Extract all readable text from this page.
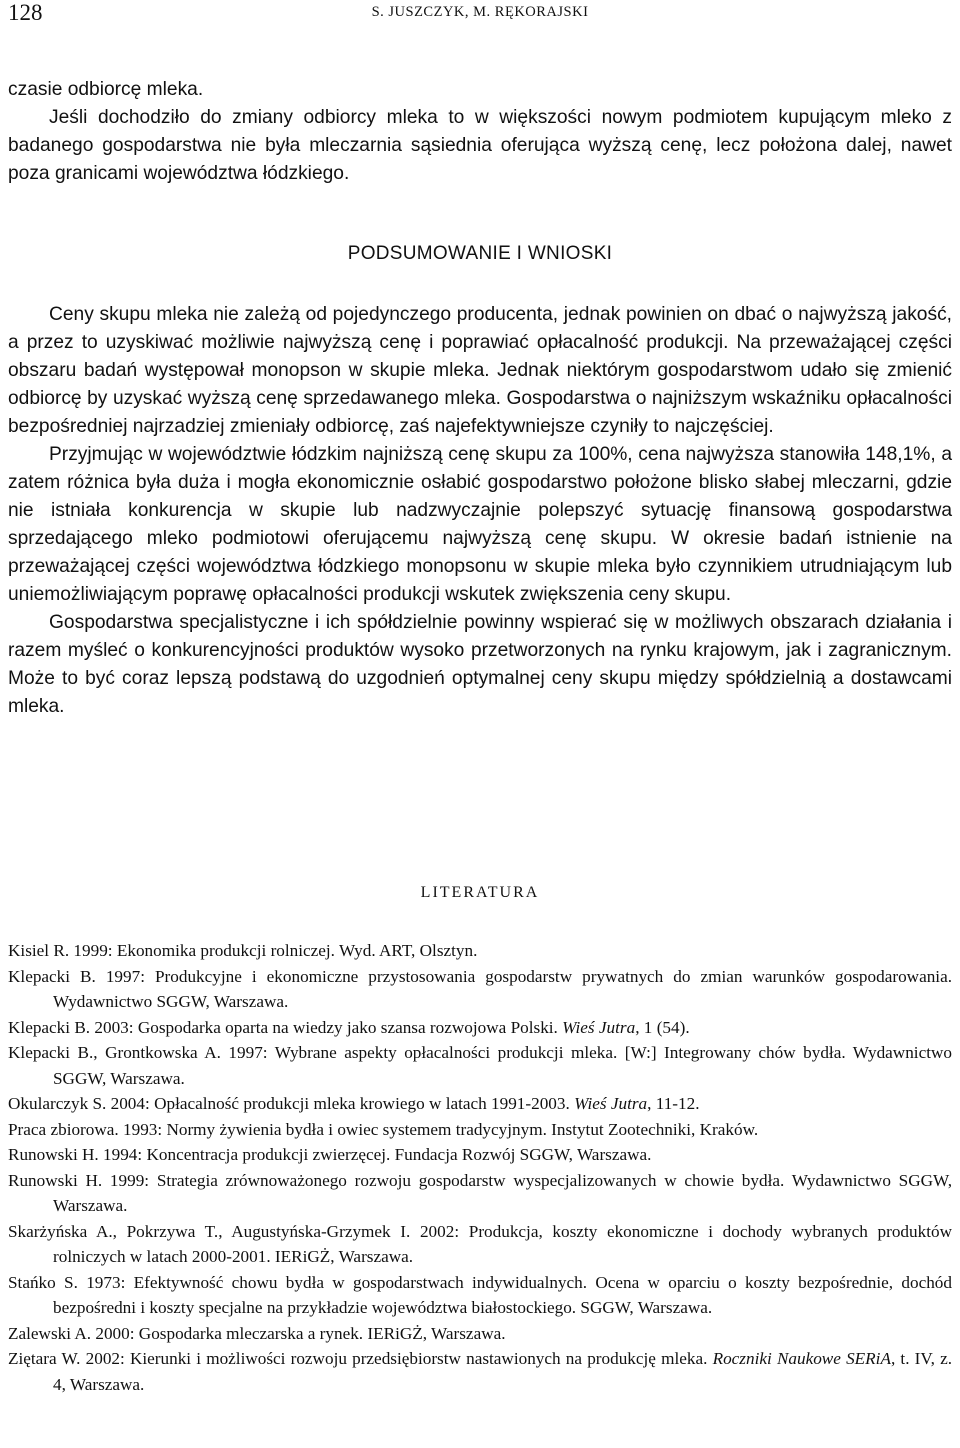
128	S. JUSZCZYK, M. RĘKORAJSKI

czasie odbiorcę mleka.

Jeśli dochodziło do zmiany odbiorcy mleka to w większości nowym podmiotem kupującym mleko z badanego gospodarstwa nie była mleczarnia sąsiednia oferująca wyższą cenę, lecz położona dalej, nawet poza granicami województwa łódzkiego.

PODSUMOWANIE I WNIOSKI

Ceny skupu mleka nie zależą od pojedynczego producenta, jednak powinien on dbać o najwyższą jakość, a przez to uzyskiwać możliwie najwyższą cenę i poprawiać opłacalność produkcji. Na przeważającej części obszaru badań występował monopson w skupie mleka. Jednak niektórym gospodarstwom udało się zmienić odbiorcę by uzyskać wyższą cenę sprzedawanego mleka. Gospodarstwa o najniższym wskaźniku opłacalności bezpośredniej najrzadziej zmieniały odbiorcę, zaś najefektywniejsze czyniły to najczęściej.

Przyjmując w województwie łódzkim najniższą cenę skupu za 100%, cena najwyższa stanowiła 148,1%, a zatem różnica była duża i mogła ekonomicznie osłabić gospodarstwo położone blisko słabej mleczarni, gdzie nie istniała konkurencja w skupie lub nadzwyczajnie polepszyć sytuację finansową gospodarstwa sprzedającego mleko podmiotowi oferującemu najwyższą cenę skupu. W okresie badań istnienie na przeważającej części województwa łódzkiego monopsonu w skupie mleka było czynnikiem utrudniającym lub uniemożliwiającym poprawę opłacalności produkcji wskutek zwiększenia ceny skupu.

Gospodarstwa specjalistyczne i ich spółdzielnie powinny wspierać się w możliwych obszarach działania i razem myśleć o konkurencyjności produktów wysoko przetworzonych na rynku krajowym, jak i zagranicznym. Może to być coraz lepszą podstawą do uzgodnień optymalnej ceny skupu między spółdzielnią a dostawcami mleka.

LITERATURA

Kisiel R. 1999: Ekonomika produkcji rolniczej. Wyd. ART, Olsztyn.

Klepacki B. 1997: Produkcyjne i ekonomiczne przystosowania gospodarstw prywatnych do zmian warunków gospodarowania. Wydawnictwo SGGW, Warszawa.

Klepacki B. 2003: Gospodarka oparta na wiedzy jako szansa rozwojowa Polski. Wieś Jutra, 1 (54).

Klepacki B., Grontkowska A. 1997: Wybrane aspekty opłacalności produkcji mleka. [W:] Integrowany chów bydła. Wydawnictwo SGGW, Warszawa.

Okularczyk S. 2004: Opłacalność produkcji mleka krowiego w latach 1991-2003. Wieś Jutra, 11-12.

Praca zbiorowa. 1993: Normy żywienia bydła i owiec systemem tradycyjnym. Instytut Zootechniki, Kraków.

Runowski H. 1994: Koncentracja produkcji zwierzęcej. Fundacja Rozwój SGGW, Warszawa.

Runowski H. 1999: Strategia zrównoważonego rozwoju gospodarstw wyspecjalizowanych w chowie bydła. Wydawnictwo SGGW, Warszawa.

Skarżyńska A., Pokrzywa T., Augustyńska-Grzymek I. 2002: Produkcja, koszty ekonomiczne i dochody wybranych produktów rolniczych w latach 2000-2001. IERiGŻ, Warszawa.

Stańko S. 1973: Efektywność chowu bydła w gospodarstwach indywidualnych. Ocena w oparciu o koszty bezpośrednie, dochód bezpośredni i koszty specjalne na przykładzie województwa białostockiego. SGGW, Warszawa.

Zalewski A. 2000: Gospodarka mleczarska a rynek. IERiGŻ, Warszawa.

Ziętara W. 2002: Kierunki i możliwości rozwoju przedsiębiorstw nastawionych na produkcję mleka. Roczniki Naukowe SERiA, t. IV, z. 4, Warszawa.
